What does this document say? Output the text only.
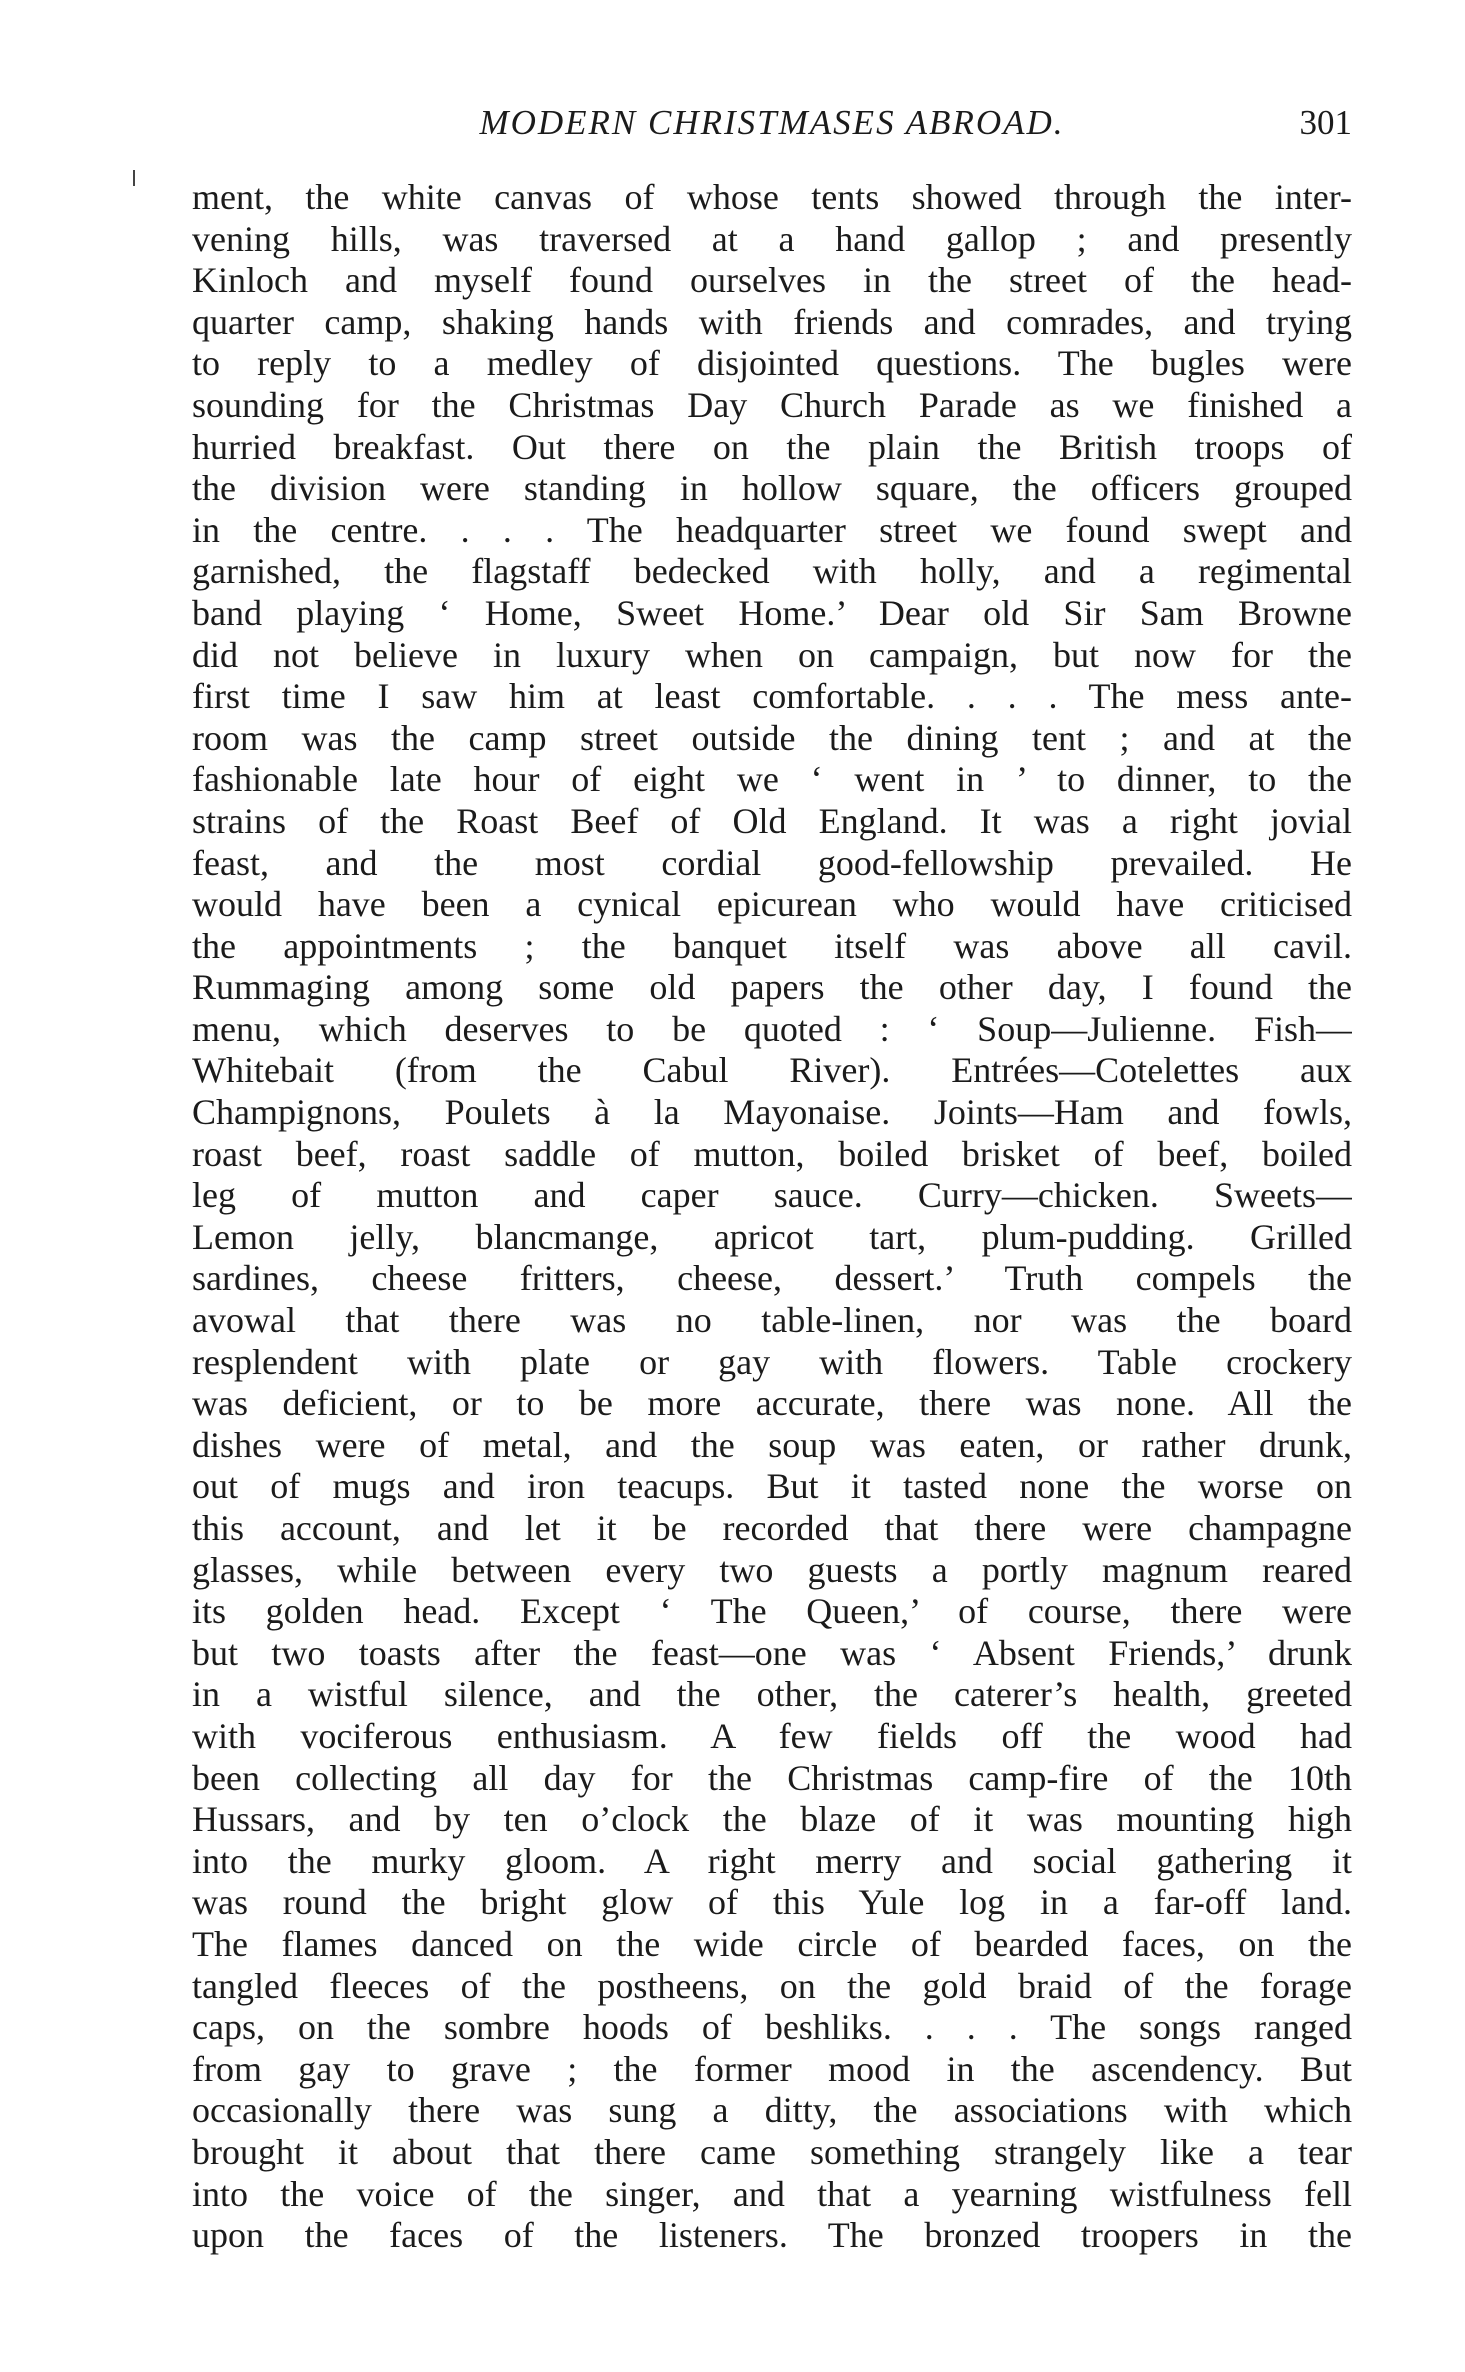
MODERN CHRISTMASES ABROAD.	301
ment, the white canvas of whose tents showed through the inter-
vening hills, was traversed at a hand gallop ; and presently
Kinloch and myself found ourselves in the street of the head-
quarter camp, shaking hands with friends and comrades, and trying
to reply to a medley of disjointed questions. The bugles were
sounding for the Christmas Day Church Parade as we finished a
hurried breakfast. Out there on the plain the British troops of
the division were standing in hollow square, the officers grouped
in the centre. . . . The headquarter street we found swept and
garnished, the flagstaff bedecked with holly, and a regimental
band playing ‘ Home, Sweet Home.’ Dear old Sir Sam Browne
did not believe in luxury when on campaign, but now for the
first time I saw him at least comfortable. . . . The mess ante-
room was the camp street outside the dining tent ; and at the
fashionable late hour of eight we ‘ went in ’ to dinner, to the
strains of the Roast Beef of Old England. It was a right jovial
feast, and the most cordial good-fellowship prevailed. He
would have been a cynical epicurean who would have criticised
the appointments ; the banquet itself was above all cavil.
Rummaging among some old papers the other day, I found the
menu, which deserves to be quoted : ‘ Soup—Julienne. Fish—
Whitebait (from the Cabul River). Entrées—Cotelettes aux
Champignons, Poulets à la Mayonaise. Joints—Ham and fowls,
roast beef, roast saddle of mutton, boiled brisket of beef, boiled
leg of mutton and caper sauce. Curry—chicken. Sweets—
Lemon jelly, blancmange, apricot tart, plum-pudding. Grilled
sardines, cheese fritters, cheese, dessert.’ Truth compels the
avowal that there was no table-linen, nor was the board
resplendent with plate or gay with flowers. Table crockery
was deficient, or to be more accurate, there was none. All the
dishes were of metal, and the soup was eaten, or rather drunk,
out of mugs and iron teacups. But it tasted none the worse on
this account, and let it be recorded that there were champagne
glasses, while between every two guests a portly magnum reared
its golden head. Except ‘ The Queen,’ of course, there were
but two toasts after the feast—one was ‘ Absent Friends,’ drunk
in a wistful silence, and the other, the caterer’s health, greeted
with vociferous enthusiasm. A few fields off the wood had
been collecting all day for the Christmas camp-fire of the 10th
Hussars, and by ten o’clock the blaze of it was mounting high
into the murky gloom. A right merry and social gathering it
was round the bright glow of this Yule log in a far-off land.
The flames danced on the wide circle of bearded faces, on the
tangled fleeces of the postheens, on the gold braid of the forage
caps, on the sombre hoods of beshliks. . . . The songs ranged
from gay to grave ; the former mood in the ascendency. But
occasionally there was sung a ditty, the associations with which
brought it about that there came something strangely like a tear
into the voice of the singer, and that a yearning wistfulness fell
upon the faces of the listeners. The bronzed troopers in the
